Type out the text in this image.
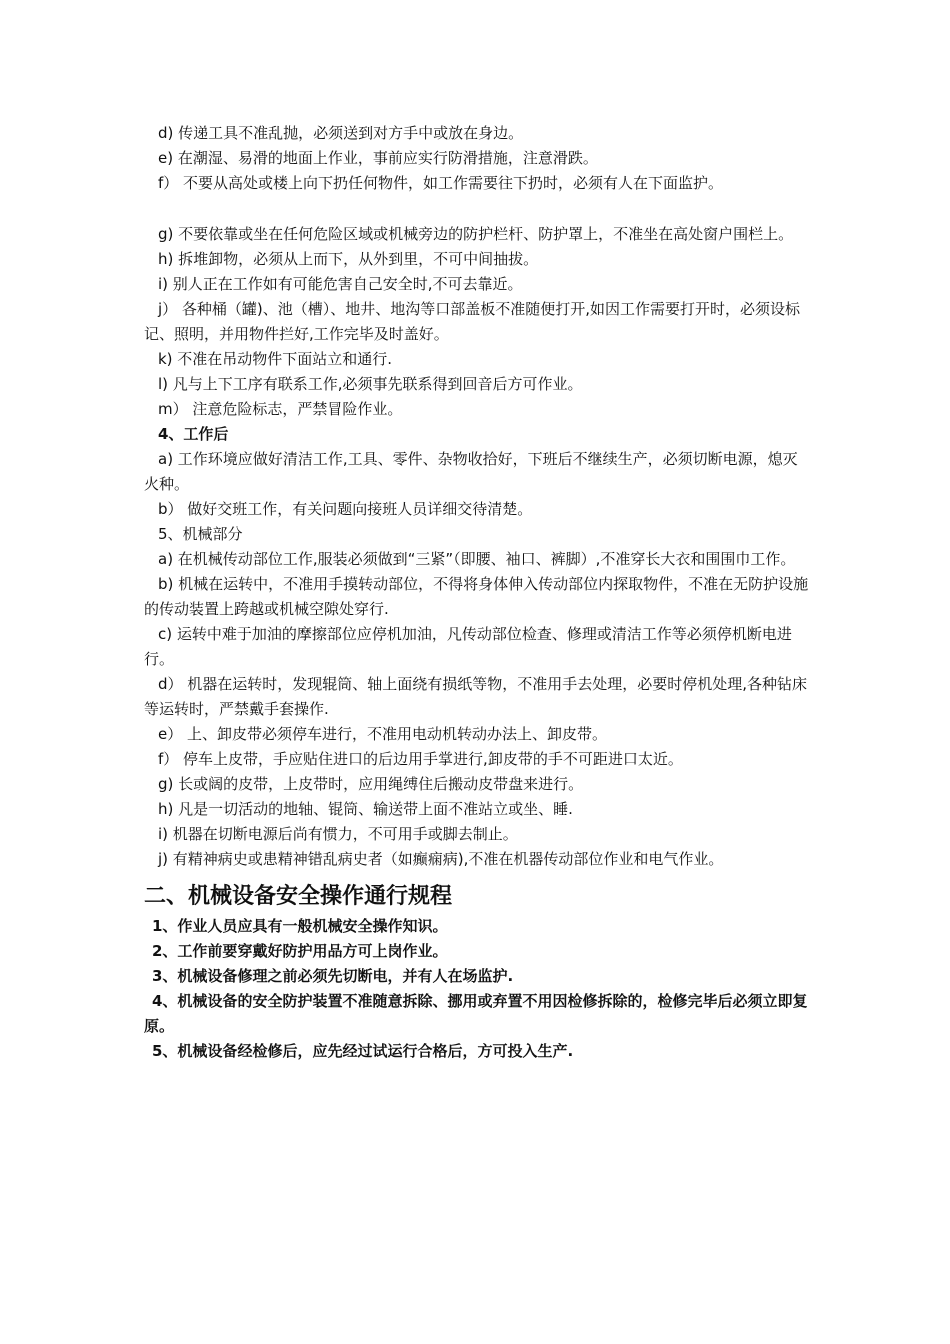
d) 传递工具不准乱抛，必须送到对方手中或放在身边。

e) 在潮湿、易滑的地面上作业，事前应实行防滑措施，注意滑跌。

f） 不要从高处或楼上向下扔任何物件，如工作需要往下扔时，必须有人在下面监护。

g) 不要依靠或坐在任何危险区域或机械旁边的防护栏杆、防护罩上，不准坐在高处窗户围栏上。

h) 拆堆卸物，必须从上而下，从外到里，不可中间抽拔。

i) 别人正在工作如有可能危害自己安全时,不可去靠近。

j） 各种桶（罐)、池（槽）、地井、地沟等口部盖板不准随便打开,如因工作需要打开时，必须设标记、照明，并用物件拦好,工作完毕及时盖好。

k) 不准在吊动物件下面站立和通行.

l) 凡与上下工序有联系工作,必须事先联系得到回音后方可作业。

m） 注意危险标志，严禁冒险作业。

4、工作后

a) 工作环境应做好清洁工作,工具、零件、杂物收拾好，下班后不继续生产，必须切断电源，熄灭火种。

b） 做好交班工作，有关问题向接班人员详细交待清楚。

5、机械部分

a) 在机械传动部位工作,服装必须做到“三紧”（即腰、袖口、裤脚）,不准穿长大衣和围围巾工作。

b) 机械在运转中，不准用手摸转动部位，不得将身体伸入传动部位内探取物件，不准在无防护设施的传动装置上跨越或机械空隙处穿行.

c) 运转中难于加油的摩擦部位应停机加油，凡传动部位检查、修理或清洁工作等必须停机断电进行。

d） 机器在运转时，发现辊筒、轴上面绕有损纸等物，不准用手去处理，必要时停机处理,各种钻床等运转时，严禁戴手套操作.

e） 上、卸皮带必须停车进行，不准用电动机转动办法上、卸皮带。

f） 停车上皮带，手应贴住进口的后边用手掌进行,卸皮带的手不可距进口太近。

g) 长或阔的皮带，上皮带时，应用绳缚住后搬动皮带盘来进行。

h) 凡是一切活动的地轴、锟筒、输送带上面不准站立或坐、睡.

i) 机器在切断电源后尚有惯力，不可用手或脚去制止。

j) 有精神病史或患精神错乱病史者（如癫痫病),不准在机器传动部位作业和电气作业。

二、机械设备安全操作通行规程

1、作业人员应具有一般机械安全操作知识。

2、工作前要穿戴好防护用品方可上岗作业。

3、机械设备修理之前必须先切断电，并有人在场监护.

4、机械设备的安全防护装置不准随意拆除、挪用或弃置不用因检修拆除的，检修完毕后必须立即复原。

5、机械设备经检修后，应先经过试运行合格后，方可投入生产.
